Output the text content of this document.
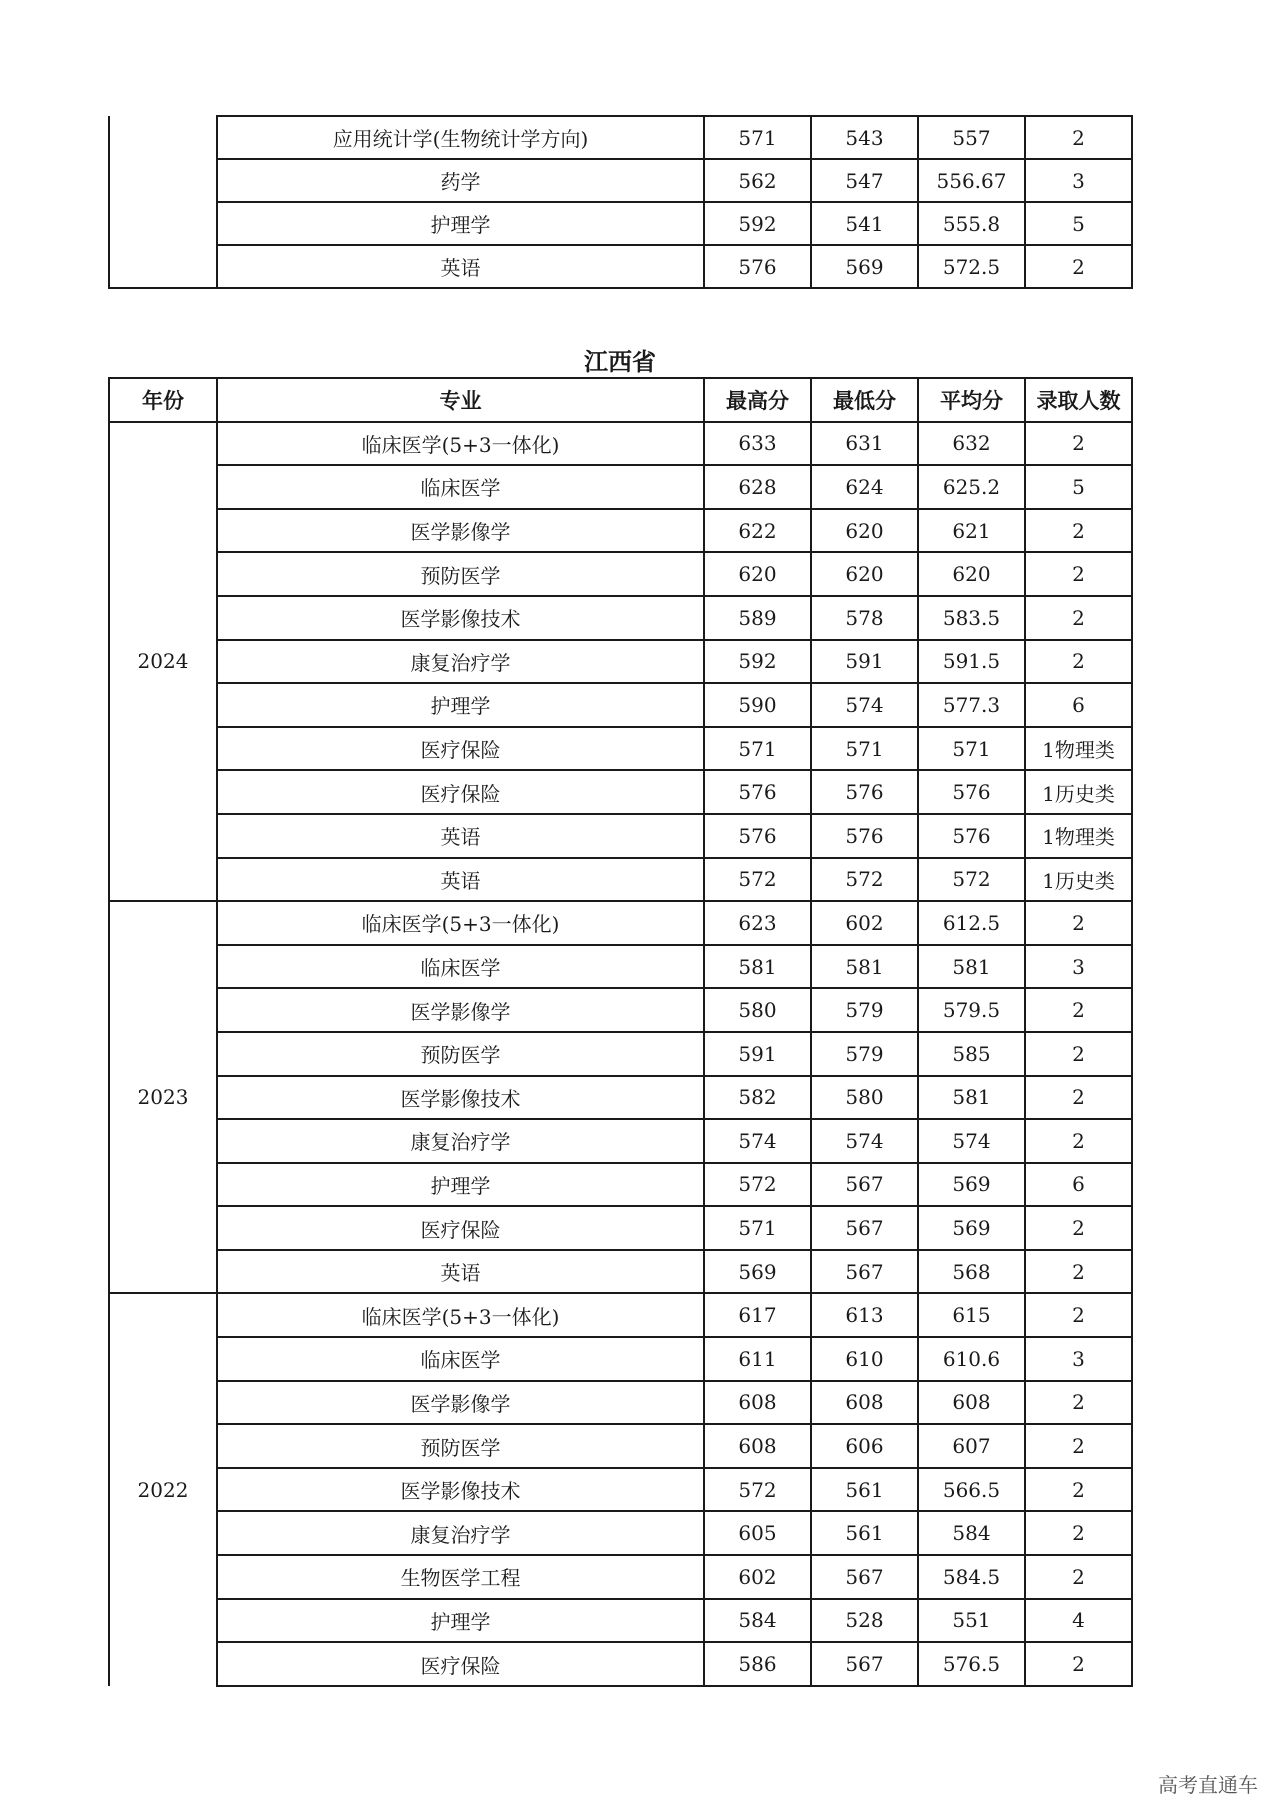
	应用统计学(生物统计学方向)	571	543	557	2
	药学	562	547	556.67	3
	护理学	592	541	555.8	5
	英语	576	569	572.5	2
江西省
年份	专业	最高分	最低分	平均分	录取人数
2024	临床医学(5+3一体化)	633	631	632	2
	临床医学	628	624	625.2	5
	医学影像学	622	620	621	2
	预防医学	620	620	620	2
	医学影像技术	589	578	583.5	2
	康复治疗学	592	591	591.5	2
	护理学	590	574	577.3	6
	医疗保险	571	571	571	1物理类
	医疗保险	576	576	576	1历史类
	英语	576	576	576	1物理类
	英语	572	572	572	1历史类
2023	临床医学(5+3一体化)	623	602	612.5	2
	临床医学	581	581	581	3
	医学影像学	580	579	579.5	2
	预防医学	591	579	585	2
	医学影像技术	582	580	581	2
	康复治疗学	574	574	574	2
	护理学	572	567	569	6
	医疗保险	571	567	569	2
	英语	569	567	568	2
2022	临床医学(5+3一体化)	617	613	615	2
	临床医学	611	610	610.6	3
	医学影像学	608	608	608	2
	预防医学	608	606	607	2
	医学影像技术	572	561	566.5	2
	康复治疗学	605	561	584	2
	生物医学工程	602	567	584.5	2
	护理学	584	528	551	4
	医疗保险	586	567	576.5	2
高考直通车
